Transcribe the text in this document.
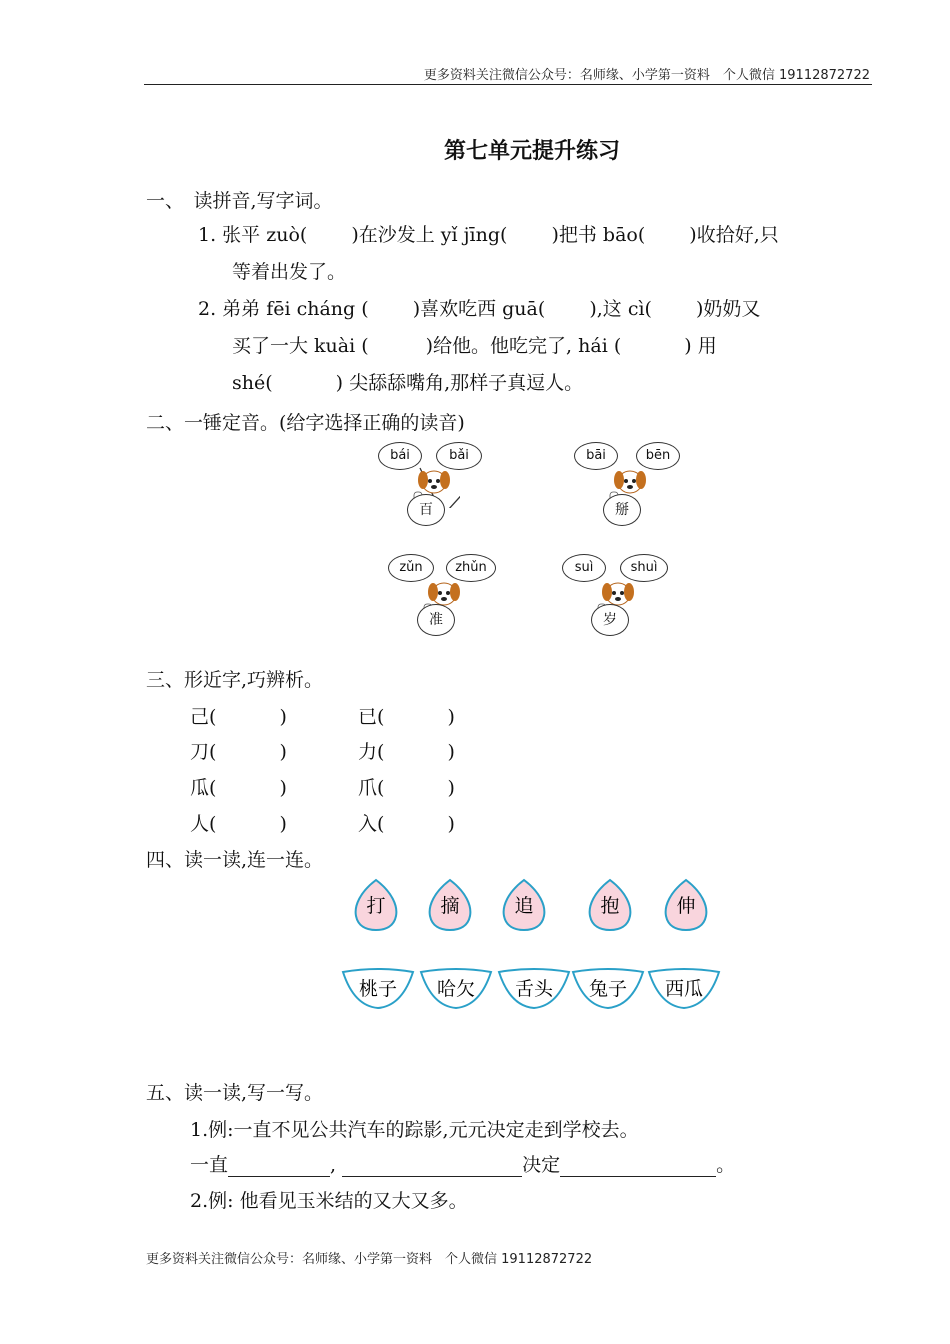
更多资料关注微信公众号：名师缘、小学第一资料　个人微信 19112872722
第七单元提升练习
一、　读拼音,写字词。
1. 张平 zuò(　　 )在沙发上 yǐ jīng(　　 )把书 bāo(　　 )收拾好,只
等着出发了。
2. 弟弟 fēi cháng (　　 )喜欢吃西 guā(　　 ),这 cì(　　 )奶奶又
买了一大 kuài (　　　)给他。他吃完了, hái (　　　 ) 用
shé(　　　 ) 尖舔舔嘴角,那样子真逗人。
二、一锤定音。(给字选择正确的读音)
bái	bǎi
百
bāi	bēn
掰
zǔn	zhǔn
准
suì	shuì
岁
三、形近字,巧辨析。
己(　　　 )	已(　　　 )
刀(　　　 )	力(　　　 )
瓜(　　　 )	爪(　　　 )
人(　　　 )	入(　　　 )
四、读一读,连一连。
打	摘	追	抱	伸
桃子 哈欠 舌头 兔子 西瓜
五、读一读,写一写。
1.例:一直不见公共汽车的踪影,元元决定走到学校去。
一直	,	决定	。
2.例: 他看见玉米结的又大又多。
更多资料关注微信公众号：名师缘、小学第一资料　个人微信 19112872722
